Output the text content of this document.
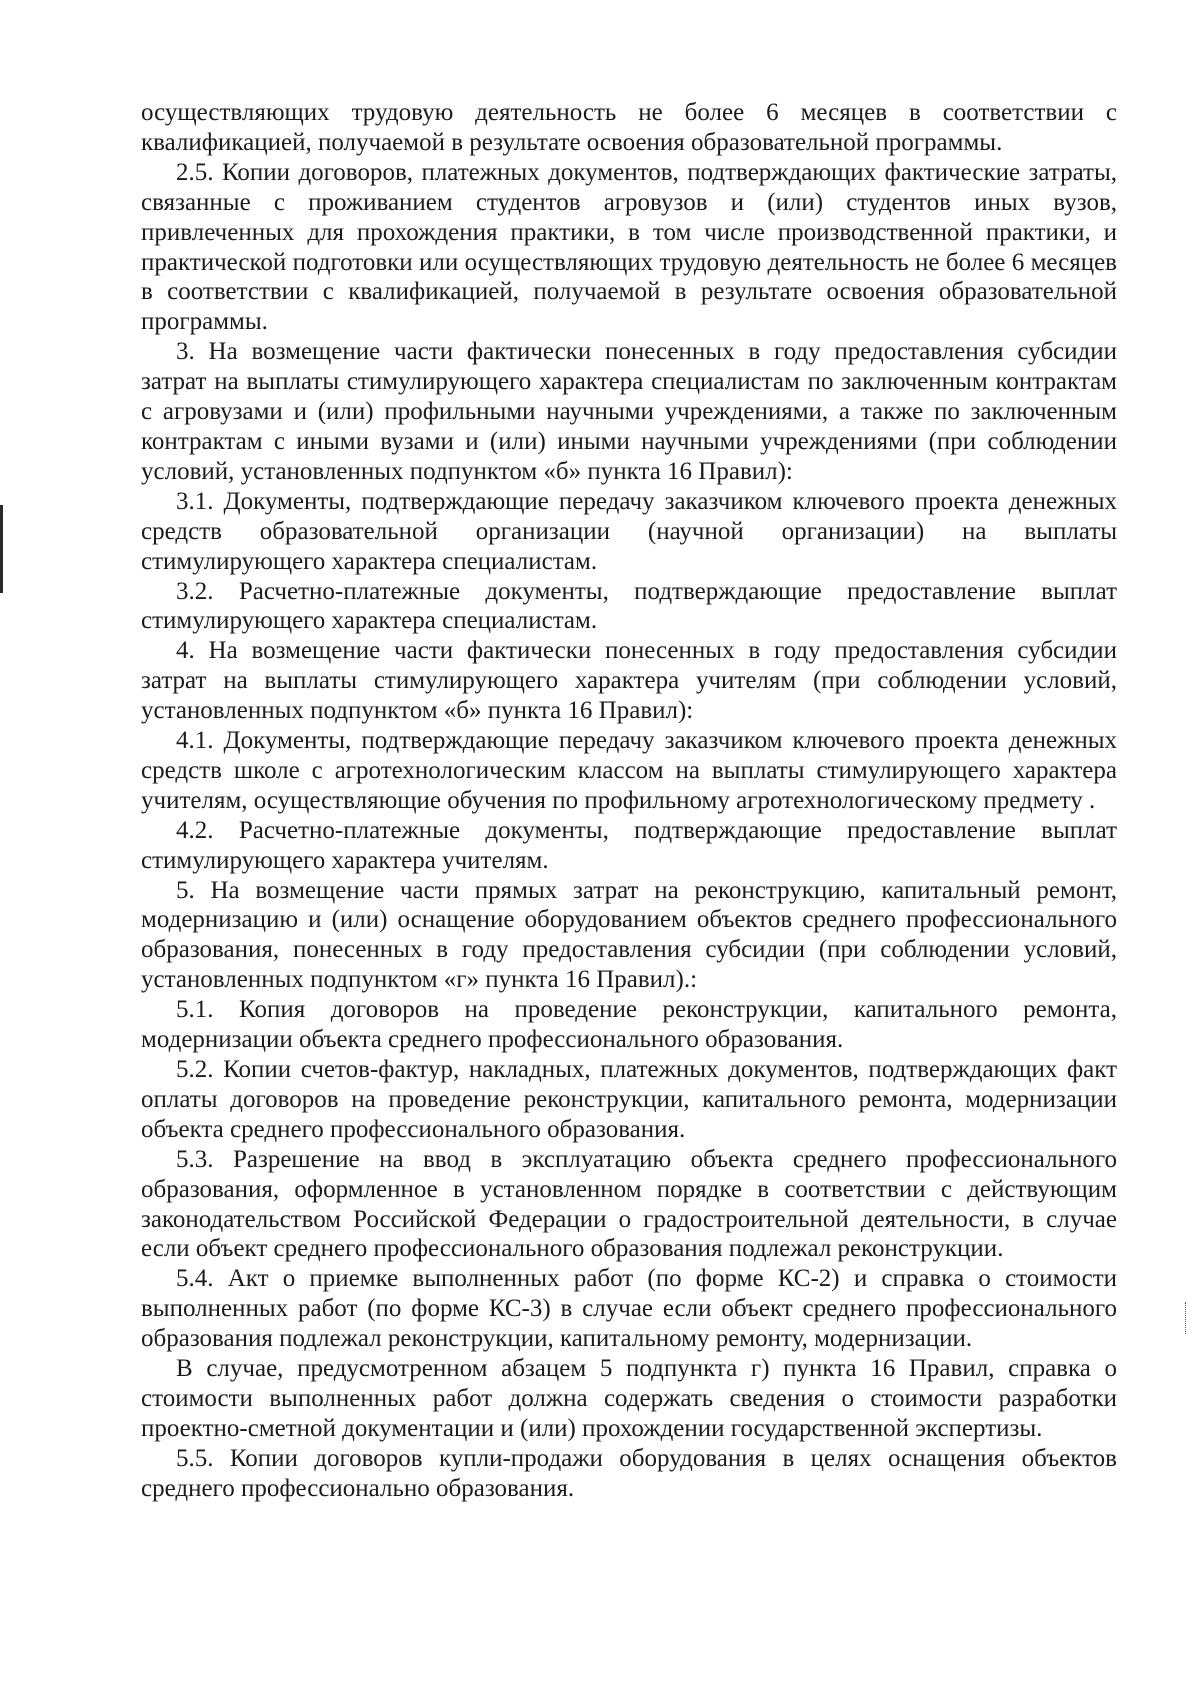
осуществляющих трудовую деятельность не более 6 месяцев в соответствии с квалификацией, получаемой в результате освоения образовательной программы.

2.5. Копии договоров, платежных документов, подтверждающих фактические затраты, связанные с проживанием студентов агровузов и (или) студентов иных вузов, привлеченных для прохождения практики, в том числе производственной практики, и практической подготовки или осуществляющих трудовую деятельность не более 6 месяцев в соответствии с квалификацией, получаемой в результате освоения образовательной программы.

3. На возмещение части фактически понесенных в году предоставления субсидии затрат на выплаты стимулирующего характера специалистам по заключенным контрактам с агровузами и (или) профильными научными учреждениями, а также по заключенным контрактам с иными вузами и (или) иными научными учреждениями (при соблюдении условий, установленных подпунктом «б» пункта 16 Правил):

3.1. Документы, подтверждающие передачу заказчиком ключевого проекта денежных средств образовательной организации (научной организации) на выплаты стимулирующего характера специалистам.

3.2. Расчетно-платежные документы, подтверждающие предоставление выплат стимулирующего характера специалистам.

4. На возмещение части фактически понесенных в году предоставления субсидии затрат на выплаты стимулирующего характера учителям (при соблюдении условий, установленных подпунктом «б» пункта 16 Правил):

4.1. Документы, подтверждающие передачу заказчиком ключевого проекта денежных средств школе с агротехнологическим классом на выплаты стимулирующего характера учителям, осуществляющие обучения по профильному агротехнологическому предмету .

4.2. Расчетно-платежные документы, подтверждающие предоставление выплат стимулирующего характера учителям.

5. На возмещение части прямых затрат на реконструкцию, капитальный ремонт, модернизацию и (или) оснащение оборудованием объектов среднего профессионального образования, понесенных в году предоставления субсидии (при соблюдении условий, установленных подпунктом «г» пункта 16 Правил).:

5.1. Копия договоров на проведение реконструкции, капитального ремонта, модернизации объекта среднего профессионального образования.

5.2. Копии счетов-фактур, накладных, платежных документов, подтверждающих факт оплаты договоров на проведение реконструкции, капитального ремонта, модернизации объекта среднего профессионального образования.

5.3. Разрешение на ввод в эксплуатацию объекта среднего профессионального образования, оформленное в установленном порядке в соответствии с действующим законодательством Российской Федерации о градостроительной деятельности, в случае если объект среднего профессионального образования подлежал реконструкции.

5.4. Акт о приемке выполненных работ (по форме КС-2) и справка о стоимости выполненных работ (по форме КС-3) в случае если объект среднего профессионального образования подлежал реконструкции, капитальному ремонту, модернизации.

В случае, предусмотренном абзацем 5 подпункта г) пункта 16 Правил, справка о стоимости выполненных работ должна содержать сведения о стоимости разработки проектно-сметной документации и (или) прохождении государственной экспертизы.

5.5. Копии договоров купли-продажи оборудования в целях оснащения объектов среднего профессионально образования.
